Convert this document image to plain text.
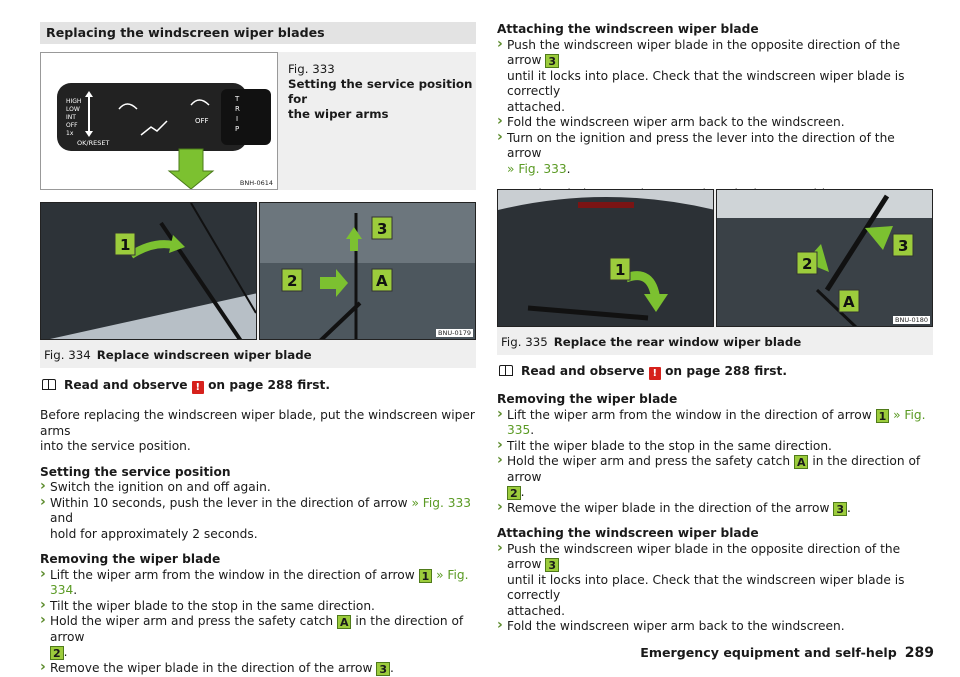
Replacing the windscreen wiper blades
HIGH
LOW
INT
OFF
1x
OK/RESET
OFF
T
R
I
P
BNH-0614
Fig. 333
Setting the service position for
the wiper arms
1
3
2	A
BNU-0179
Fig. 334 Replace windscreen wiper blade

Read and observe ! on page 288 first.

Before replacing the windscreen wiper blade, put the windscreen wiper arms
into the service position.

Setting the service position

› Switch the ignition on and off again.

› Within 10 seconds, push the lever in the direction of arrow » Fig. 333 and
hold for approximately 2 seconds.

Removing the wiper blade

› Lift the wiper arm from the window in the direction of arrow 1 » Fig. 334.

› Tilt the wiper blade to the stop in the same direction.

› Hold the wiper arm and press the safety catch A in the direction of arrow
2 .

› Remove the wiper blade in the direction of the arrow 3 .

Attaching the windscreen wiper blade

› Push the windscreen wiper blade in the opposite direction of the arrow 3
until it locks into place. Check that the windscreen wiper blade is correctly
attached.

› Fold the windscreen wiper arm back to the windscreen.

› Turn on the ignition and press the lever into the direction of the arrow
» Fig. 333.

1
3
2
A
BNU-0180
Fig. 335 Replace the rear window wiper blade

Read and observe ! on page 288 first.

Removing the wiper blade

› Lift the wiper arm from the window in the direction of arrow 1 » Fig. 335.

› Tilt the wiper blade to the stop in the same direction.

› Hold the wiper arm and press the safety catch A in the direction of arrow
2 .

› Remove the wiper blade in the direction of the arrow 3 .

Attaching the windscreen wiper blade

› Push the windscreen wiper blade in the opposite direction of the arrow 3
until it locks into place. Check that the windscreen wiper blade is correctly
attached.

› Fold the windscreen wiper arm back to the windscreen.

Emergency equipment and self-help 289
